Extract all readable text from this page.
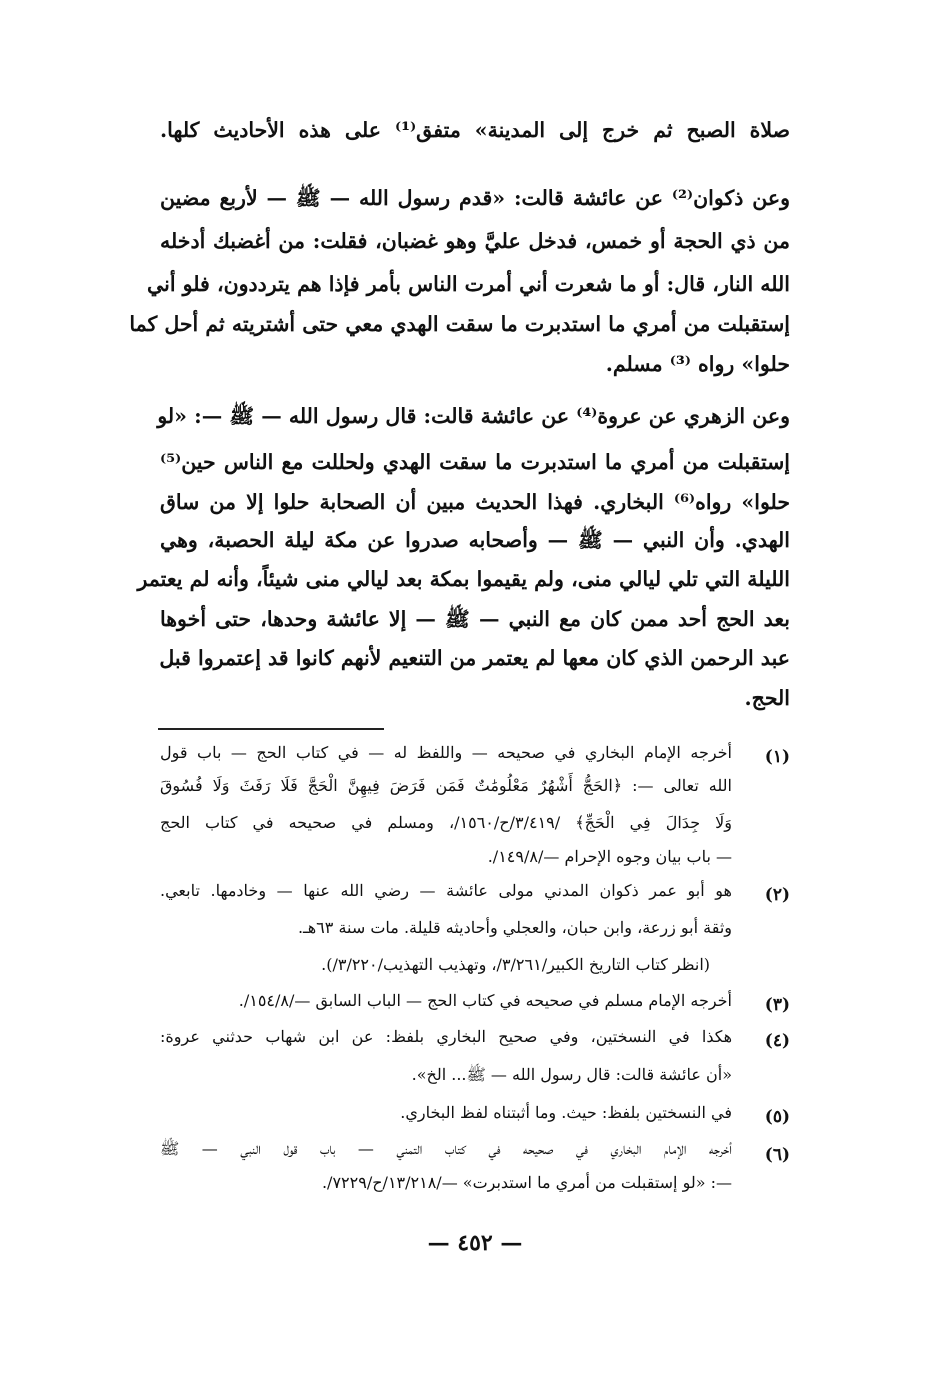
صلاة الصبح ثم خرج إلى المدينة» متفق⁽¹⁾ على هذه الأحاديث كلها.
وعن ذكوان⁽²⁾ عن عائشة قالت: «قدم رسول الله — ﷺ — لأربع مضين
من ذي الحجة أو خمس، فدخل عليَّ وهو غضبان، فقلت: من أغضبك أدخله
الله النار، قال: أو ما شعرت أني أمرت الناس بأمر فإذا هم يترددون، فلو أني
إستقبلت من أمري ما استدبرت ما سقت الهدي معي حتى أشتريته ثم أحل كما
حلوا» رواه ⁽³⁾ مسلم.
وعن الزهري عن عروة⁽⁴⁾ عن عائشة قالت: قال رسول الله — ﷺ —: «لو
إستقبلت من أمري ما استدبرت ما سقت الهدي ولحللت مع الناس حين⁽⁵⁾
حلوا» رواه⁽⁶⁾ البخاري. فهذا الحديث مبين أن الصحابة حلوا إلا من ساق
الهدي. وأن النبي — ﷺ — وأصحابه صدروا عن مكة ليلة الحصبة، وهي
الليلة التي تلي ليالي منى، ولم يقيموا بمكة بعد ليالي منى شيئاً، وأنه لم يعتمر
بعد الحج أحد ممن كان مع النبي — ﷺ — إلا عائشة وحدها، حتى أخوها
عبد الرحمن الذي كان معها لم يعتمر من التنعيم لأنهم كانوا قد إعتمروا قبل
الحج.
(١)
أخرجه الإمام البخاري في صحيحه — واللفظ له — في كتاب الحج — باب قول
الله تعالى —: ﴿الحَجُّ أَشْهُرٌ مَعْلُومَٰتٌ فَمَن فَرَضَ فِيهِنَّ الْحَجَّ فَلَا رَفَثَ وَلَا فُسُوقَ
وَلَا جِدَالَ فِي الْحَجِّ﴾ /٣/٤١٩/ح/١٥٦٠/، ومسلم في صحيحه في كتاب الحج
— باب بيان وجوه الإحرام —/١٤٩/٨/.
(٢)
هو أبو عمر ذكوان المدني مولى عائشة — رضي الله عنها — وخادمها. تابعي.
وثقة أبو زرعة، وابن حبان، والعجلي وأحاديثه قليلة. مات سنة ٦٣هـ.
(انظر كتاب التاريخ الكبير/٣/٢٦١/، وتهذيب التهذيب/٣/٢٢٠/).
(٣)
أخرجه الإمام مسلم في صحيحه في كتاب الحج — الباب السابق —/١٥٤/٨/.
(٤)
هكذا في النسختين، وفي صحيح البخاري بلفظ: عن ابن شهاب حدثني عروة:
«أن عائشة قالت: قال رسول الله — ﷺ... الخ».
(٥)
في النسختين بلفظ: حيث. وما أثبتناه لفظ البخاري.
(٦)
أخرجه الإمام البخاري في صحيحه في كتاب التمني — باب قول النبي — ﷺ
—: «لو إستقبلت من أمري ما استدبرت» —/١٣/٢١٨/ح/٧٢٢٩/.
— ٤٥٢ —
